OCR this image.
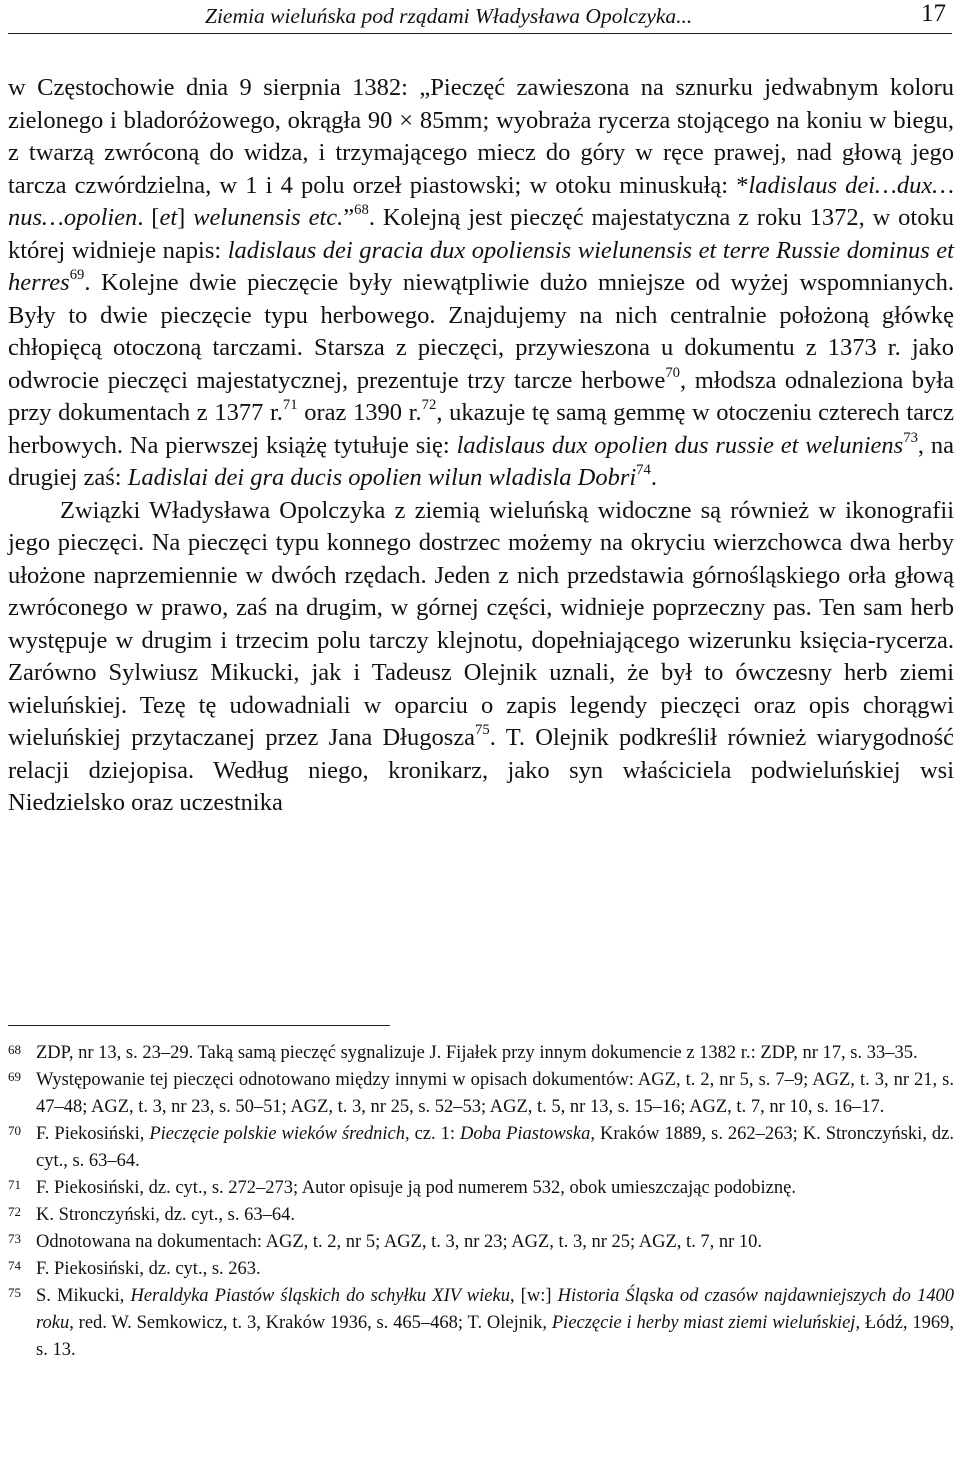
Ziemia wieluńska pod rządami Władysława Opolczyka...	17

w Częstochowie dnia 9 sierpnia 1382: „Pieczęć zawieszona na sznurku jedwabnym koloru zielonego i bladoróżowego, okrągła 90 × 85mm; wyobraża rycerza stojącego na koniu w biegu, z twarzą zwróconą do widza, i trzymającego miecz do góry w ręce prawej, nad głową jego tarcza czwórdzielna, w 1 i 4 polu orzeł piastowski; w otoku minuskułą: *ladislaus dei…dux…nus…opolien. [et] welunensis etc.”$^{68}$. Kolejną jest pieczęć majestatyczna z roku 1372, w otoku której widnieje napis: ladislaus dei gracia dux opoliensis wielunensis et terre Russie dominus et herres$^{69}$. Kolejne dwie pieczęcie były niewątpliwie dużo mniejsze od wyżej wspomnianych. Były to dwie pieczęcie typu herbowego. Znajdujemy na nich centralnie położoną główkę chłopięcą otoczoną tarczami. Starsza z pieczęci, przywieszona u dokumentu z 1373 r. jako odwrocie pieczęci majestatycznej, prezentuje trzy tarcze herbowe$^{70}$, młodsza odnaleziona była przy dokumentach z 1377 r.$^{71}$ oraz 1390 r.$^{72}$, ukazuje tę samą gemmę w otoczeniu czterech tarcz herbowych. Na pierwszej książę tytułuje się: ladislaus dux opolien dus russie et weluniens$^{73}$, na drugiej zaś: Ladislai dei gra ducis opolien wilun wladisla Dobri$^{74}$.

Związki Władysława Opolczyka z ziemią wieluńską widoczne są również w ikonografii jego pieczęci. Na pieczęci typu konnego dostrzec możemy na okryciu wierzchowca dwa herby ułożone naprzemiennie w dwóch rzędach. Jeden z nich przedstawia górnośląskiego orła głową zwróconego w prawo, zaś na drugim, w górnej części, widnieje poprzeczny pas. Ten sam herb występuje w drugim i trzecim polu tarczy klejnotu, dopełniającego wizerunku księcia-rycerza. Zarówno Sylwiusz Mikucki, jak i Tadeusz Olejnik uznali, że był to ówczesny herb ziemi wieluńskiej. Tezę tę udowadniali w oparciu o zapis legendy pieczęci oraz opis chorągwi wieluńskiej przytaczanej przez Jana Długosza$^{75}$. T. Olejnik podkreślił również wiarygodność relacji dziejopisa. Według niego, kronikarz, jako syn właściciela podwieluńskiej wsi Niedzielsko oraz uczestnika

68 ZDP, nr 13, s. 23–29. Taką samą pieczęć sygnalizuje J. Fijałek przy innym dokumencie z 1382 r.: ZDP, nr 17, s. 33–35.
69 Występowanie tej pieczęci odnotowano między innymi w opisach dokumentów: AGZ, t. 2, nr 5, s. 7–9; AGZ, t. 3, nr 21, s. 47–48; AGZ, t. 3, nr 23, s. 50–51; AGZ, t. 3, nr 25, s. 52–53; AGZ, t. 5, nr 13, s. 15–16; AGZ, t. 7, nr 10, s. 16–17.
70 F. Piekosiński, Pieczęcie polskie wieków średnich, cz. 1: Doba Piastowska, Kraków 1889, s. 262–263; K. Stronczyński, dz. cyt., s. 63–64.
71 F. Piekosiński, dz. cyt., s. 272–273; Autor opisuje ją pod numerem 532, obok umieszczając podobiznę.
72 K. Stronczyński, dz. cyt., s. 63–64.
73 Odnotowana na dokumentach: AGZ, t. 2, nr 5; AGZ, t. 3, nr 23; AGZ, t. 3, nr 25; AGZ, t. 7, nr 10.
74 F. Piekosiński, dz. cyt., s. 263.
75 S. Mikucki, Heraldyka Piastów śląskich do schyłku XIV wieku, [w:] Historia Śląska od czasów najdawniejszych do 1400 roku, red. W. Semkowicz, t. 3, Kraków 1936, s. 465–468; T. Olejnik, Pieczęcie i herby miast ziemi wieluńskiej, Łódź, 1969, s. 13.
